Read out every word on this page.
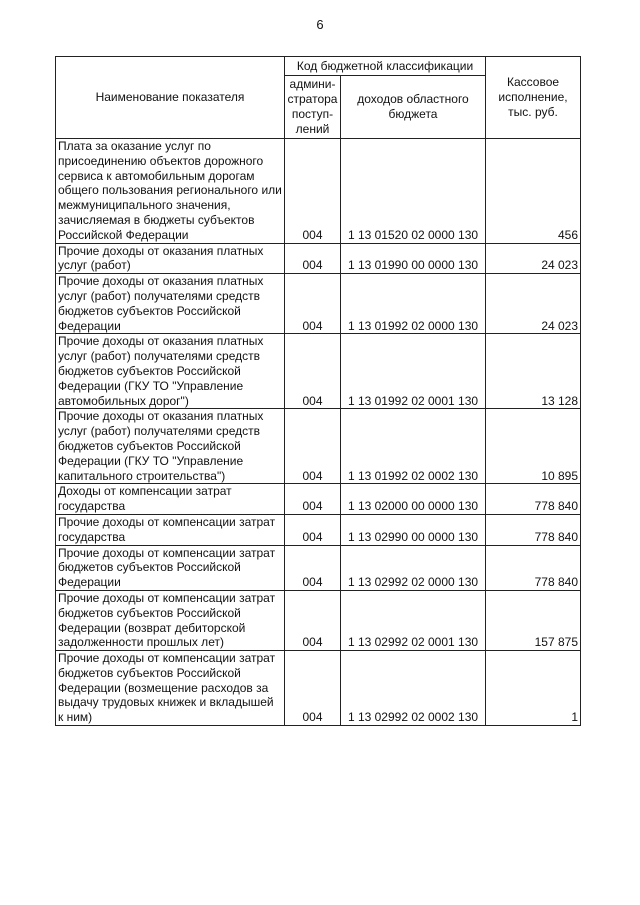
6
Наименование показателя	Код бюджетной классификации		Кассовое исполнение, тыс. руб.
	админи-стратора поступ-лений	доходов областного бюджета	
Плата за оказание услуг по присоединению объектов дорожного сервиса к автомобильным дорогам общего пользования регионального или межмуниципального значения, зачисляемая в бюджеты субъектов Российской Федерации	004	1 13 01520 02 0000 130	456
Прочие доходы от оказания платных услуг (работ)	004	1 13 01990 00 0000 130	24 023
Прочие доходы от оказания платных услуг (работ) получателями средств бюджетов субъектов Российской Федерации	004	1 13 01992 02 0000 130	24 023
Прочие доходы от оказания платных услуг (работ) получателями средств бюджетов субъектов Российской Федерации (ГКУ ТО "Управление автомобильных дорог")	004	1 13 01992 02 0001 130	13 128
Прочие доходы от оказания платных услуг (работ) получателями средств бюджетов субъектов Российской Федерации (ГКУ ТО "Управление капитального строительства")	004	1 13 01992 02 0002 130	10 895
Доходы от компенсации затрат государства	004	1 13 02000 00 0000 130	778 840
Прочие доходы от компенсации затрат государства	004	1 13 02990 00 0000 130	778 840
Прочие доходы от компенсации затрат бюджетов субъектов Российской Федерации	004	1 13 02992 02 0000 130	778 840
Прочие доходы от компенсации затрат бюджетов субъектов Российской Федерации (возврат дебиторской задолженности прошлых лет)	004	1 13 02992 02 0001 130	157 875
Прочие доходы от компенсации затрат бюджетов субъектов Российской Федерации (возмещение расходов за выдачу трудовых книжек и вкладышей к ним)	004	1 13 02992 02 0002 130	1
